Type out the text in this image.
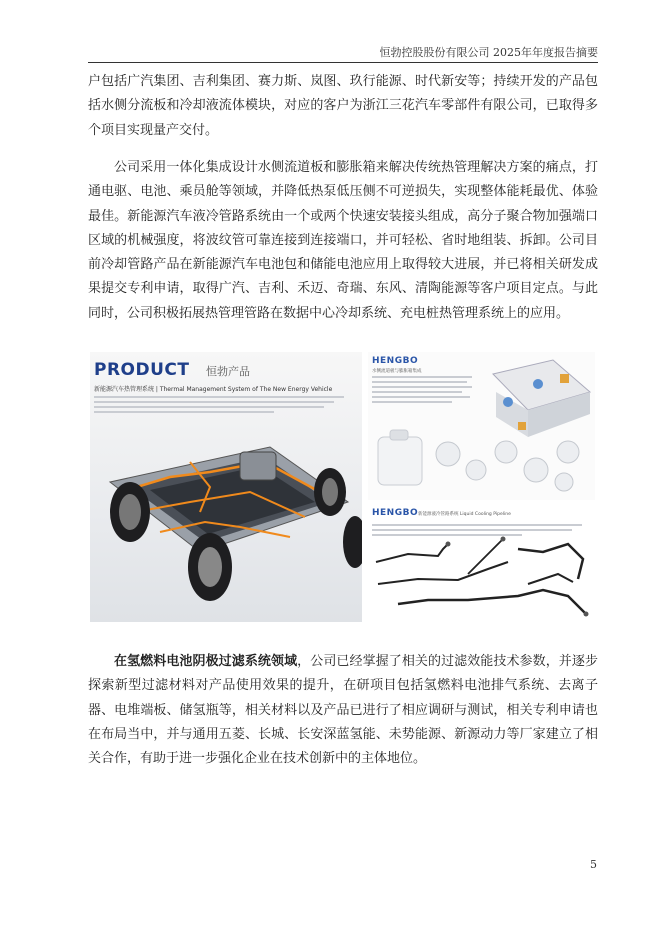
恒勃控股股份有限公司 2025年年度报告摘要

户包括广汽集团、吉利集团、赛力斯、岚图、玖行能源、时代新安等；持续开发的产品包括水侧分流板和冷却液流体模块，对应的客户为浙江三花汽车零部件有限公司，已取得多个项目实现量产交付。

公司采用一体化集成设计水侧流道板和膨胀箱来解决传统热管理解决方案的痛点，打通电驱、电池、乘员舱等领域，并降低热泵低压侧不可逆损失，实现整体能耗最优、体验最佳。新能源汽车液冷管路系统由一个或两个快速安装接头组成，高分子聚合物加强端口区域的机械强度，将波纹管可靠连接到连接端口，并可轻松、省时地组装、拆卸。公司目前冷却管路产品在新能源汽车电池包和储能电池应用上取得较大进展，并已将相关研发成果提交专利申请，取得广汽、吉利、禾迈、奇瑞、东风、清陶能源等客户项目定点。与此同时，公司积极拓展热管理管路在数据中心冷却系统、充电桩热管理系统上的应用。

PRODUCT 恒勃产品
新能源汽车热管理系统 | Thermal Management System of The New Energy Vehicle
HENGBO
水侧流道板与膨胀箱集成
HENGBO 新能源液冷管路系统 Liquid Cooling Pipeline

在氢燃料电池阴极过滤系统领域，公司已经掌握了相关的过滤效能技术参数，并逐步探索新型过滤材料对产品使用效果的提升，在研项目包括氢燃料电池排气系统、去离子器、电堆端板、储氢瓶等，相关材料以及产品已进行了相应调研与测试，相关专利申请也在布局当中，并与通用五菱、长城、长安深蓝氢能、未势能源、新源动力等厂家建立了相关合作，有助于进一步强化企业在技术创新中的主体地位。

5
